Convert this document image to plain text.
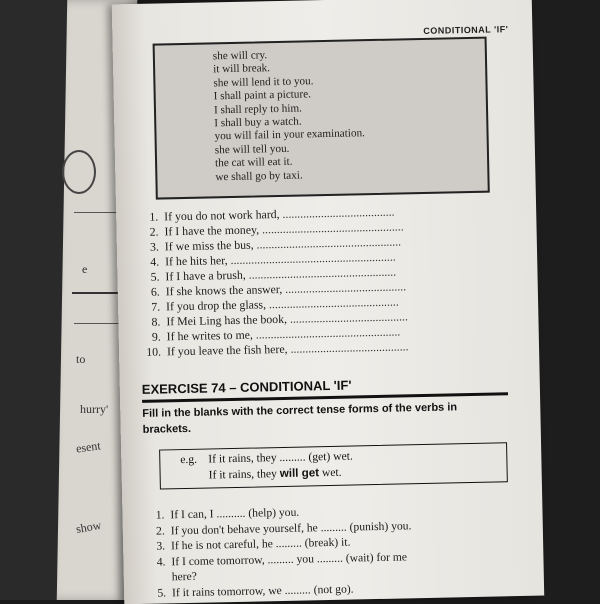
e
to
hurry'
esent
show
CONDITIONAL 'IF'
she will cry.
it will break.
she will lend it to you.
I shall paint a picture.
I shall reply to him.
I shall buy a watch.
you will fail in your examination.
she will tell you.
the cat will eat it.
we shall go by taxi.
1. If you do not work hard, ......................................
2. If I have the money, ................................................
3. If we miss the bus, .................................................
4. If he hits her, ........................................................
5. If I have a brush, ..................................................
6. If she knows the answer, .........................................
7. If you drop the glass, ............................................
8. If Mei Ling has the book, ........................................
9. If he writes to me, .................................................
10. If you leave the fish here, ........................................
EXERCISE 74 – CONDITIONAL 'IF'
Fill in the blanks with the correct tense forms of the verbs in brackets.
e.g. If it rains, they ......... (get) wet.
If it rains, they will get wet.
1. If I can, I .......... (help) you.
2. If you don't behave yourself, he ......... (punish) you.
3. If he is not careful, he ......... (break) it.
4. If I come tomorrow, ......... you ......... (wait) for me
here?
5. If it rains tomorrow, we ......... (not go).
